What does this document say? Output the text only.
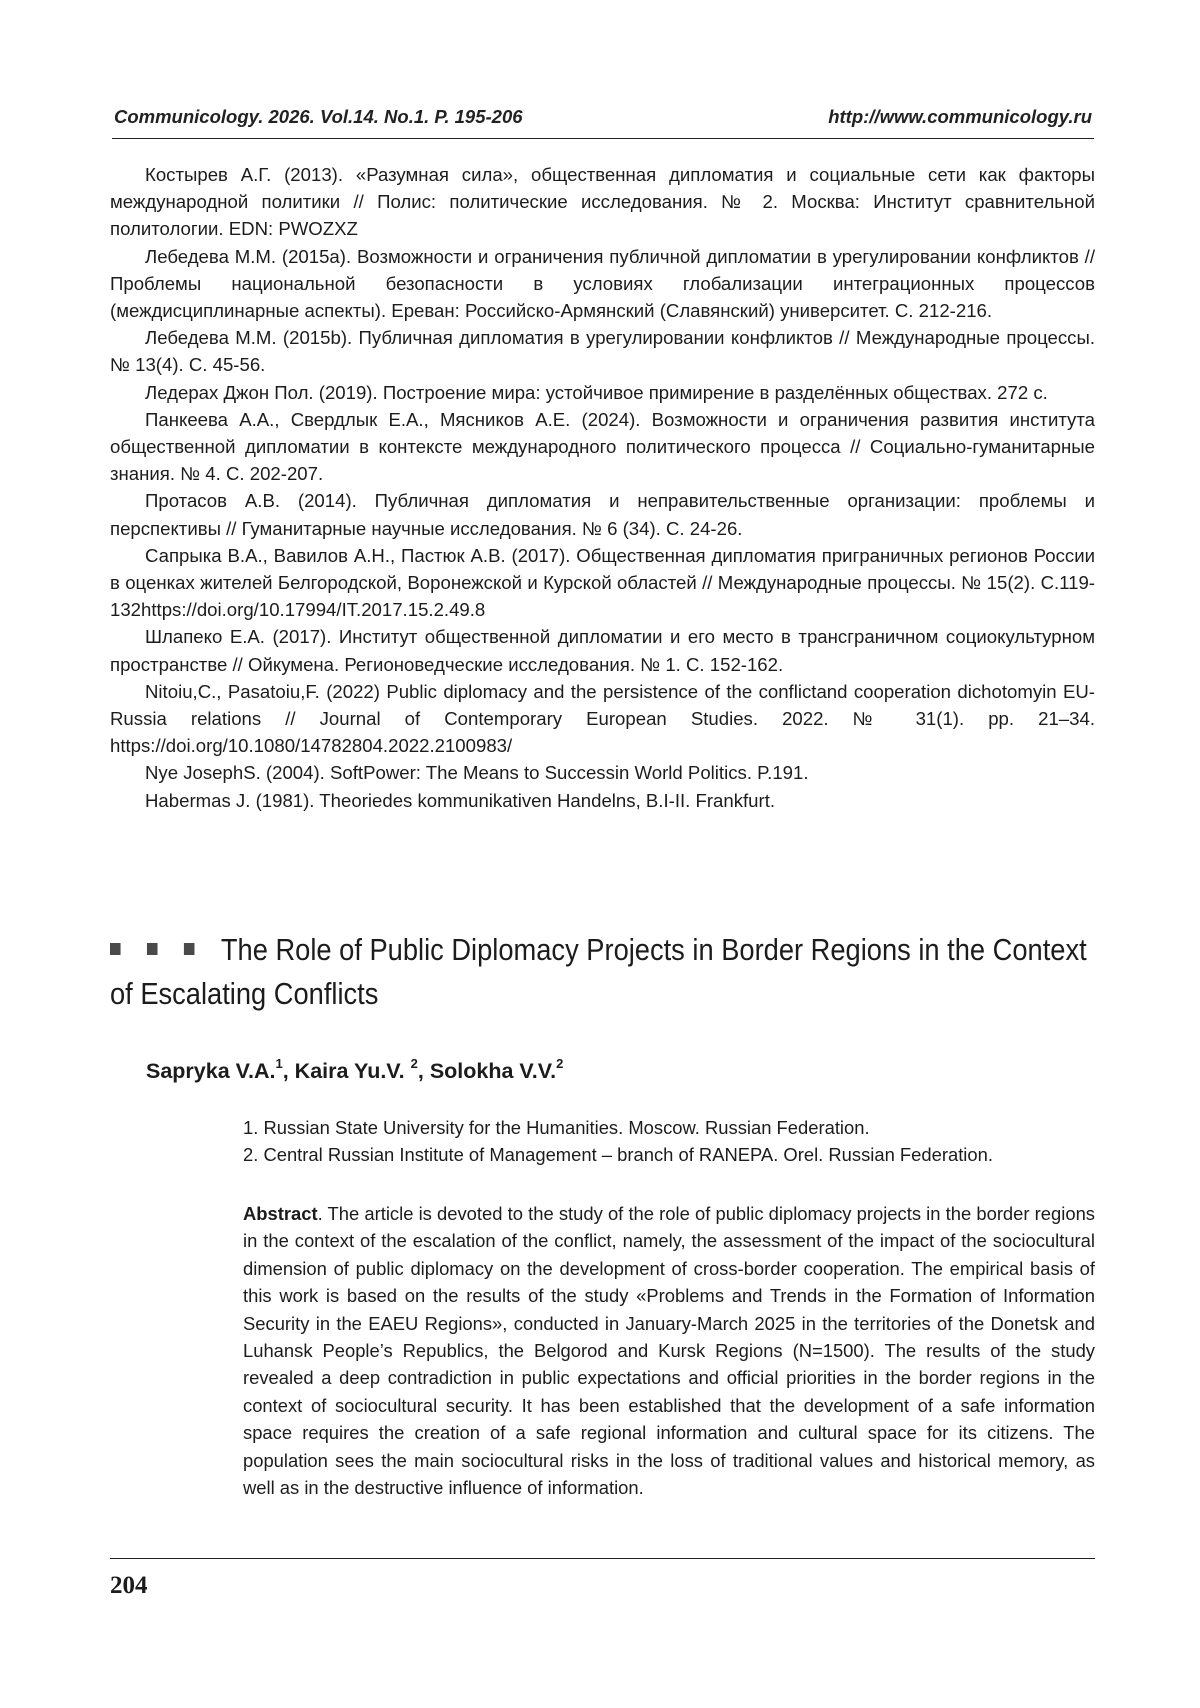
Communicology. 2026. Vol.14. No.1. P. 195-206	http://www.communicology.ru

Костырев А.Г. (2013). «Разумная сила», общественная дипломатия и социальные сети как факторы международной политики // Полис: политические исследования. № 2. Москва: Институт сравнительной политологии. EDN: PWOZXZ

Лебедева М.М. (2015а). Возможности и ограничения публичной дипломатии в урегулировании конфликтов // Проблемы национальной безопасности в условиях глобализации интеграционных процессов (междисциплинарные аспекты). Ереван: Российско-Армянский (Славянский) университет. С. 212-216.

Лебедева М.М. (2015b). Публичная дипломатия в урегулировании конфликтов // Международные процессы. № 13(4). С. 45-56.

Ледерах Джон Пол. (2019). Построение мира: устойчивое примирение в разделённых обществах. 272 с.

Панкеева А.А., Свердлык Е.А., Мясников А.Е. (2024). Возможности и ограничения развития института общественной дипломатии в контексте международного политического процесса // Социально-гуманитарные знания. № 4. С. 202-207.

Протасов А.В. (2014). Публичная дипломатия и неправительственные организации: проблемы и перспективы // Гуманитарные научные исследования. № 6 (34). С. 24-26.

Сапрыка В.А., Вавилов А.Н., Пастюк А.В. (2017). Общественная дипломатия приграничных регионов России в оценках жителей Белгородской, Воронежской и Курской областей // Международные процессы. № 15(2). С.119-132https://doi.org/10.17994/IT.2017.15.2.49.8

Шлапеко Е.А. (2017). Институт общественной дипломатии и его место в трансграничном социокультурном пространстве // Ойкумена. Регионоведческие исследования. № 1. С. 152-162.

Nitoiu,C., Pasatoiu,F. (2022) Public diplomacy and the persistence of the conflictand cooperation dichotomyin EU-Russia relations // Journal of Contemporary European Studies. 2022. № 31(1). pp. 21–34. https://doi.org/10.1080/14782804.2022.2100983/

Nye JosephS. (2004). SoftPower: The Means to Successin World Politics. P.191.

Habermas J. (1981). Theoriedes kommunikativen Handelns, B.I-II. Frankfurt.

The Role of Public Diplomacy Projects in Border Regions in the Context of Escalating Conflicts
Sapryka V.A.$^1$, Kaira Yu.V. $^2$, Solokha V.V.$^2$

1. Russian State University for the Humanities. Moscow. Russian Federation.

2. Central Russian Institute of Management – branch of RANEPA. Orel. Russian Federation.

Abstract. The article is devoted to the study of the role of public diplomacy projects in the border regions in the context of the escalation of the conflict, namely, the assessment of the impact of the sociocultural dimension of public diplomacy on the development of cross-border cooperation. The empirical basis of this work is based on the results of the study «Problems and Trends in the Formation of Information Security in the EAEU Regions», conducted in January-March 2025 in the territories of the Donetsk and Luhansk People’s Republics, the Belgorod and Kursk Regions (N=1500). The results of the study revealed a deep contradiction in public expectations and official priorities in the border regions in the context of sociocultural security. It has been established that the development of a safe information space requires the creation of a safe regional information and cultural space for its citizens. The population sees the main sociocultural risks in the loss of traditional values and historical memory, as well as in the destructive influence of information.

204
